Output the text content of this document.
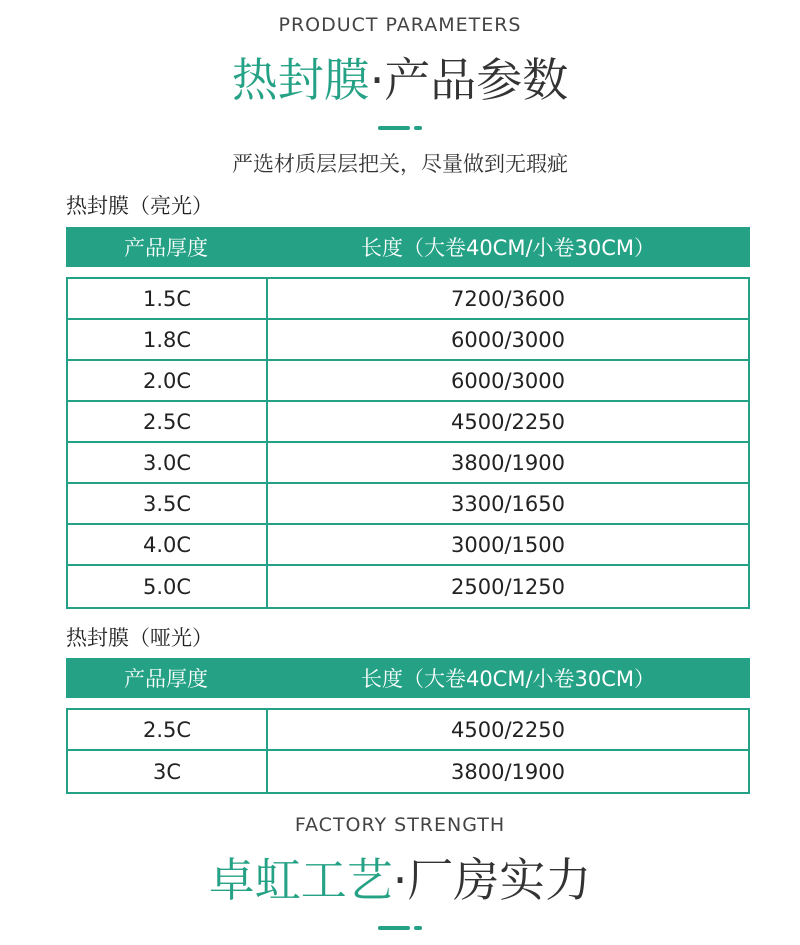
PRODUCT PARAMETERS
热封膜·产品参数
严选材质层层把关，尽量做到无瑕疵
热封膜（亮光）
产品厚度	长度（大卷40CM/小卷30CM）
1.5C	7200/3600
1.8C	6000/3000
2.0C	6000/3000
2.5C	4500/2250
3.0C	3800/1900
3.5C	3300/1650
4.0C	3000/1500
5.0C	2500/1250
热封膜（哑光）
产品厚度	长度（大卷40CM/小卷30CM）
2.5C	4500/2250
3C	3800/1900
FACTORY STRENGTH
卓虹工艺·厂房实力
